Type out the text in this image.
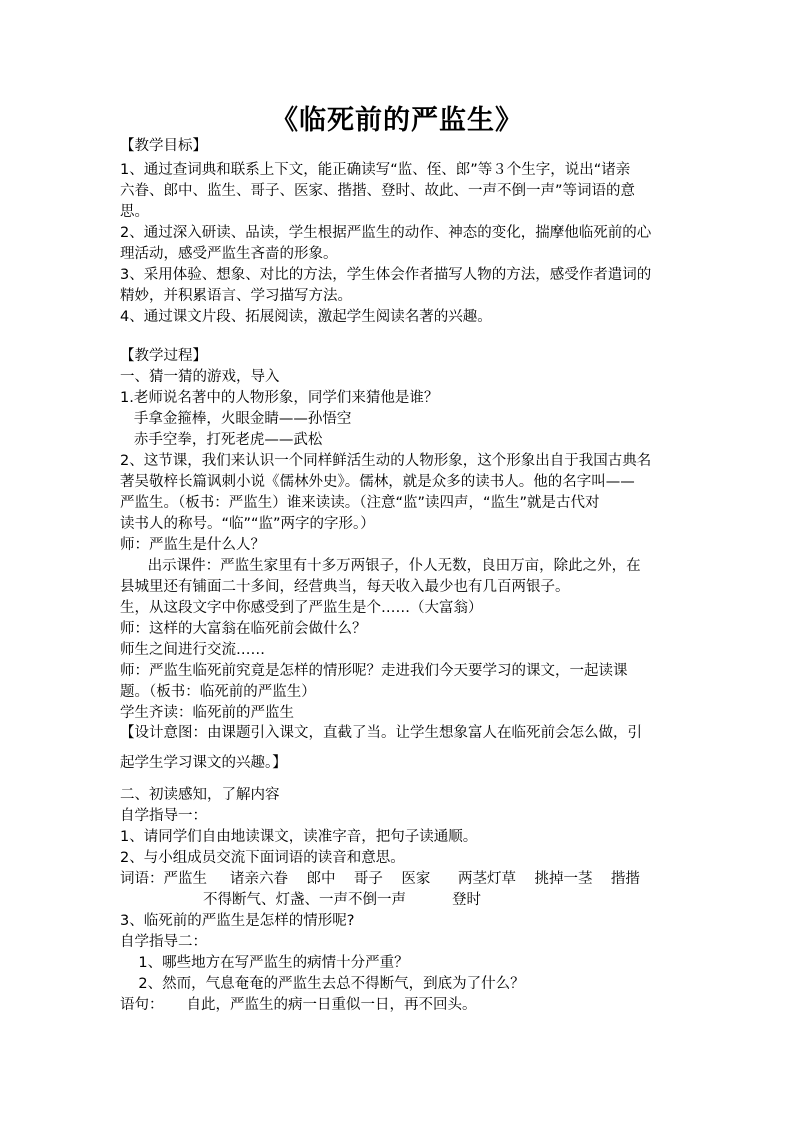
《临死前的严监生》
【教学目标】
1、通过查词典和联系上下文，能正确读写“监、侄、郎”等３个生字，说出“诸亲
六眷、郎中、监生、哥子、医家、揩揩、登时、故此、一声不倒一声”等词语的意
思。
2、通过深入研读、品读，学生根据严监生的动作、神态的变化，揣摩他临死前的心
理活动，感受严监生吝啬的形象。
3、采用体验、想象、对比的方法，学生体会作者描写人物的方法，感受作者遣词的
精妙，并积累语言、学习描写方法。
4、通过课文片段、拓展阅读，激起学生阅读名著的兴趣。
【教学过程】
一、猜一猜的游戏，导入
1.老师说名著中的人物形象，同学们来猜他是谁？
手拿金箍棒，火眼金睛——孙悟空
赤手空拳，打死老虎——武松
2、这节课，我们来认识一个同样鲜活生动的人物形象，这个形象出自于我国古典名
著吴敬梓长篇讽刺小说《儒林外史》。儒林，就是众多的读书人。他的名字叫——
严监生。（板书：严监生）谁来读读。（注意“监”读四声，“监生”就是古代对
读书人的称号。“临”“监”两字的字形。）
师：严监生是什么人？
出示课件：严监生家里有十多万两银子，仆人无数，良田万亩，除此之外，在
县城里还有铺面二十多间，经营典当，每天收入最少也有几百两银子。
生，从这段文字中你感受到了严监生是个……（大富翁）
师：这样的大富翁在临死前会做什么？
师生之间进行交流……
师：严监生临死前究竟是怎样的情形呢？走进我们今天要学习的课文，一起读课
题。（板书：临死前的严监生）
学生齐读：临死前的严监生
【设计意图：由课题引入课文，直截了当。让学生想象富人在临死前会怎么做，引
起学生学习课文的兴趣。】
二、初读感知，了解内容
自学指导一：
1、请同学们自由地读课文，读准字音，把句子读通顺。
2、与小组成员交流下面词语的读音和意思。
词语：严监生     诸亲六眷    郎中    哥子    医家      两茎灯草    挑掉一茎    揩揩
不得断气、灯盏、一声不倒一声          登时
3、临死前的严监生是怎样的情形呢?
自学指导二：
1、哪些地方在写严监生的病情十分严重？
2、然而，气息奄奄的严监生去总不得断气，到底为了什么？
语句：     自此，严监生的病一日重似一日，再不回头。
